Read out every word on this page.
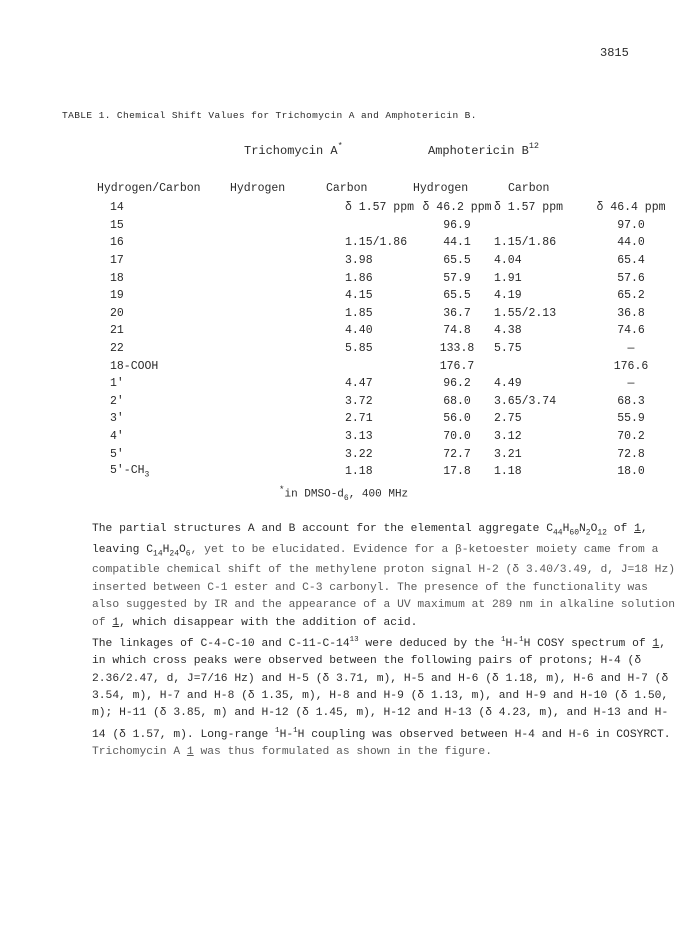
3815
TABLE 1. Chemical Shift Values for Trichomycin A and Amphotericin B.
Trichomycin A*	Amphotericin $B^{12}$
Hydrogen/Carbon	Hydrogen	Carbon	Hydrogen	Carbon
14	δ 1.57 ppm	δ 46.2 ppm	δ 1.57 ppm	δ 46.4 ppm
15		96.9		97.0
16	1.15/1.86	44.1	1.15/1.86	44.0
17	3.98	65.5	4.04	65.4
18	1.86	57.9	1.91	57.6
19	4.15	65.5	4.19	65.2
20	1.85	36.7	1.55/2.13	36.8
21	4.40	74.8	4.38	74.6
22	5.85	133.8	5.75	—
18-COOH		176.7		176.6
1'	4.47	96.2	4.49	—
2'	3.72	68.0	3.65/3.74	68.3
3'	2.71	56.0	2.75	55.9
4'	3.13	70.0	3.12	70.2
5'	3.22	72.7	3.21	72.8
$5'-CH_3$	1.18	17.8	1.18	18.0
*in DMSO-$d_6$, 400 MHz

The partial structures A and B account for the elemental aggregate $C_{44}H_{60}N_2O_{12}$ of 1, leaving $C_{14}H_{24}O_6$, yet to be elucidated. Evidence for a β-ketoester moiety came from a compatible chemical shift of the methylene proton signal H-2 (δ 3.40/3.49, d, J=18 Hz) inserted between C-1 ester and C-3 carbonyl. The presence of the functionality was also suggested by IR and the appearance of a UV maximum at 289 nm in alkaline solution of 1, which disappear with the addition of acid.

The linkages of C-4-C-10 and $C-11-C-14^{13}$ were deduced by the $^1$H-$^1$H COSY spectrum of 1, in which cross peaks were observed between the following pairs of protons; H-4 (δ 2.36/2.47, d, J=7/16 Hz) and H-5 (δ 3.71, m), H-5 and H-6 (δ 1.18, m), H-6 and H-7 (δ 3.54, m), H-7 and H-8 (δ 1.35, m), H-8 and H-9 (δ 1.13, m), and H-9 and H-10 (δ 1.50, m); H-11 (δ 3.85, m) and H-12 (δ 1.45, m), H-12 and H-13 (δ 4.23, m), and H-13 and H-14 (δ 1.57, m). Long-range $^1$H-$^1$H coupling was observed between H-4 and H-6 in COSYRCT.

Trichomycin A 1 was thus formulated as shown in the figure.
